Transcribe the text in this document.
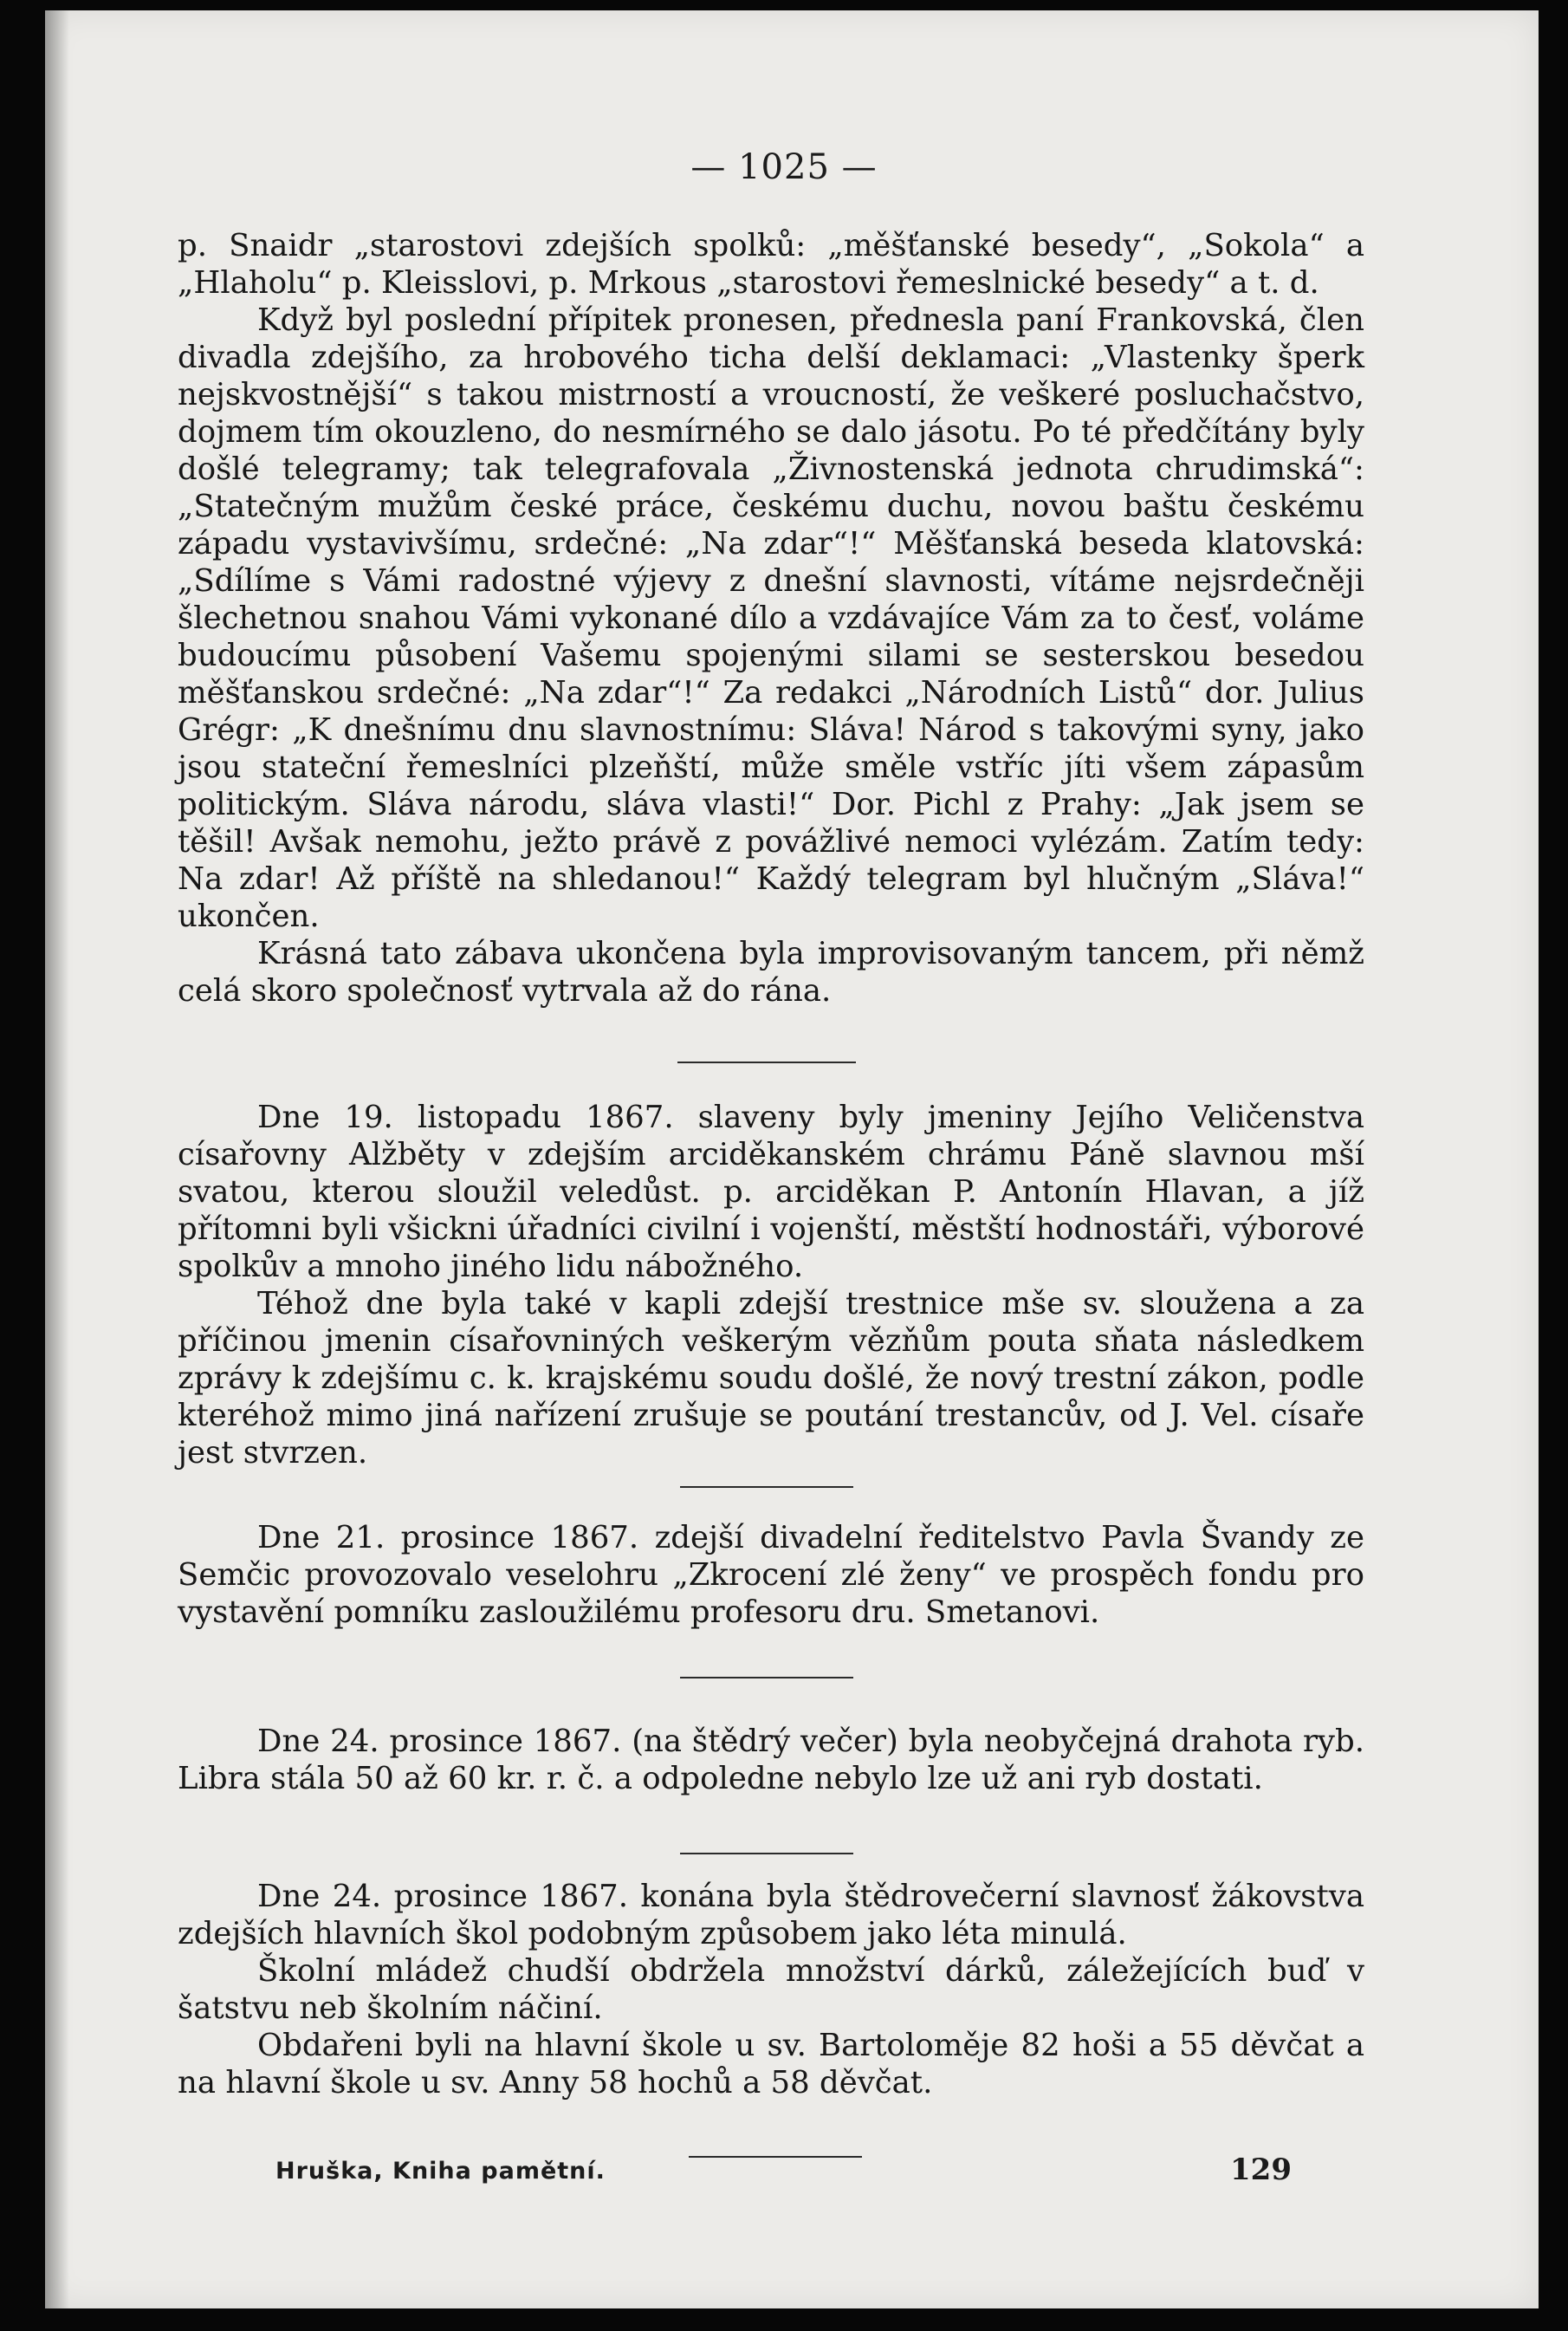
— 1025 —

p. Snaidr „starostovi zdejších spolků: „měšťanské besedy“, „Sokola“ a „Hlaholu“ p. Kleisslovi, p. Mrkous „starostovi řemeslnické besedy“ a t. d.

Když byl poslední přípitek pronesen, přednesla paní Frankovská, člen divadla zdejšího, za hrobového ticha delší deklamaci: „Vlastenky šperk nejskvostnější“ s takou mistrností a vroucností, že veškeré posluchačstvo, dojmem tím okouzleno, do nesmírného se dalo jásotu. Po té předčítány byly došlé telegramy; tak telegrafovala „Živnostenská jednota chrudimská“: „Statečným mužům české práce, českému duchu, novou baštu českému západu vystavivšímu, srdečné: „Na zdar“!“ Měšťanská beseda klatovská: „Sdílíme s Vámi radostné výjevy z dnešní slavnosti, vítáme nejsrdečněji šlechetnou snahou Vámi vykonané dílo a vzdávajíce Vám za to česť, voláme budoucímu působení Vašemu spojenými silami se sesterskou besedou měšťanskou srdečné: „Na zdar“!“ Za redakci „Národních Listů“ dor. Julius Grégr: „K dnešnímu dnu slavnostnímu: Sláva! Národ s takovými syny, jako jsou stateční řemeslníci plzeňští, může směle vstříc jíti všem zápasům politickým. Sláva národu, sláva vlasti!“ Dor. Pichl z Prahy: „Jak jsem se těšil! Avšak nemohu, ježto právě z povážlivé nemoci vylézám. Zatím tedy: Na zdar! Až příště na shledanou!“ Každý telegram byl hlučným „Sláva!“ ukončen.

Krásná tato zábava ukončena byla improvisovaným tancem, při němž celá skoro společnosť vytrvala až do rána.

Dne 19. listopadu 1867. slaveny byly jmeniny Jejího Veličenstva císařovny Alžběty v zdejším arciděkanském chrámu Páně slavnou mší svatou, kterou sloužil veledůst. p. arciděkan P. Antonín Hlavan, a jíž přítomni byli všickni úřadníci civilní i vojenští, městští hodnostáři, výborové spolkův a mnoho jiného lidu nábožného.

Téhož dne byla také v kapli zdejší trestnice mše sv. sloužena a za příčinou jmenin císařovniných veškerým vězňům pouta sňata následkem zprávy k zdejšímu c. k. krajskému soudu došlé, že nový trestní zákon, podle kteréhož mimo jiná nařízení zrušuje se poutání trestancův, od J. Vel. císaře jest stvrzen.

Dne 21. prosince 1867. zdejší divadelní ředitelstvo Pavla Švandy ze Semčic provozovalo veselohru „Zkrocení zlé ženy“ ve prospěch fondu pro vystavění pomníku zasloužilému profesoru dru. Smetanovi.

Dne 24. prosince 1867. (na štědrý večer) byla neobyčejná drahota ryb. Libra stála 50 až 60 kr. r. č. a odpoledne nebylo lze už ani ryb dostati.

Dne 24. prosince 1867. konána byla štědrovečerní slavnosť žákovstva zdejších hlavních škol podobným způsobem jako léta minulá.

Školní mládež chudší obdržela množství dárků, záležejících buď v šatstvu neb školním náčiní.

Obdařeni byli na hlavní škole u sv. Bartoloměje 82 hoši a 55 děvčat a na hlavní škole u sv. Anny 58 hochů a 58 děvčat.

Hruška, Kniha pamětní.	129
